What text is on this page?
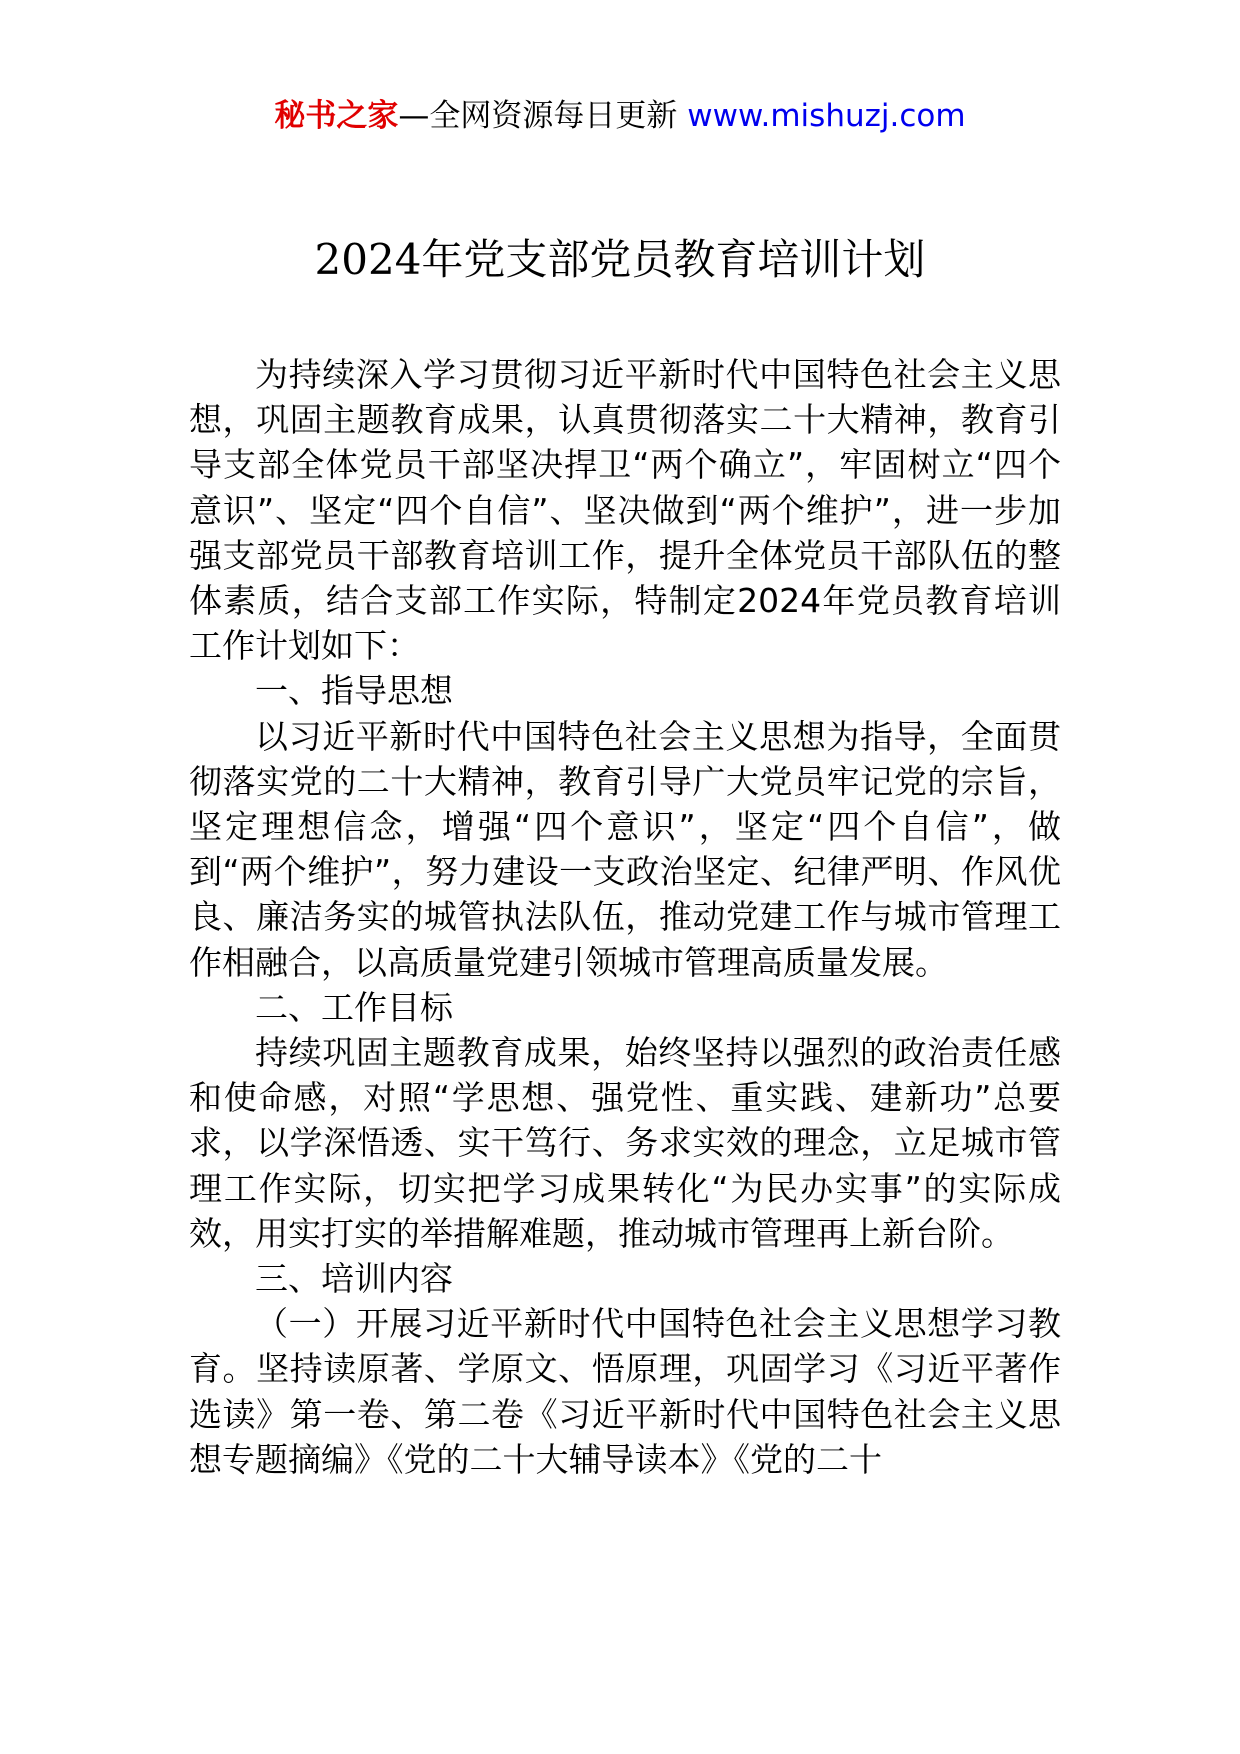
秘书之家—全网资源每日更新 www.mishuzj.com
2024年党支部党员教育培训计划

为持续深入学习贯彻习近平新时代中国特色社会主义思想，巩固主题教育成果，认真贯彻落实二十大精神，教育引导支部全体党员干部坚决捍卫“两个确立”，牢固树立“四个意识”、坚定“四个自信”、坚决做到“两个维护”，进一步加强支部党员干部教育培训工作，提升全体党员干部队伍的整体素质，结合支部工作实际，特制定2024年党员教育培训工作计划如下：

一、指导思想

以习近平新时代中国特色社会主义思想为指导，全面贯彻落实党的二十大精神，教育引导广大党员牢记党的宗旨，坚定理想信念，增强“四个意识”，坚定“四个自信”，做到“两个维护”，努力建设一支政治坚定、纪律严明、作风优良、廉洁务实的城管执法队伍，推动党建工作与城市管理工作相融合，以高质量党建引领城市管理高质量发展。

二、工作目标

持续巩固主题教育成果，始终坚持以强烈的政治责任感和使命感，对照“学思想、强党性、重实践、建新功”总要求，以学深悟透、实干笃行、务求实效的理念，立足城市管理工作实际，切实把学习成果转化“为民办实事”的实际成效，用实打实的举措解难题，推动城市管理再上新台阶。

三、培训内容

（一）开展习近平新时代中国特色社会主义思想学习教育。坚持读原著、学原文、悟原理，巩固学习《习近平著作选读》第一卷、第二卷《习近平新时代中国特色社会主义思想专题摘编》《党的二十大辅导读本》《党的二十
